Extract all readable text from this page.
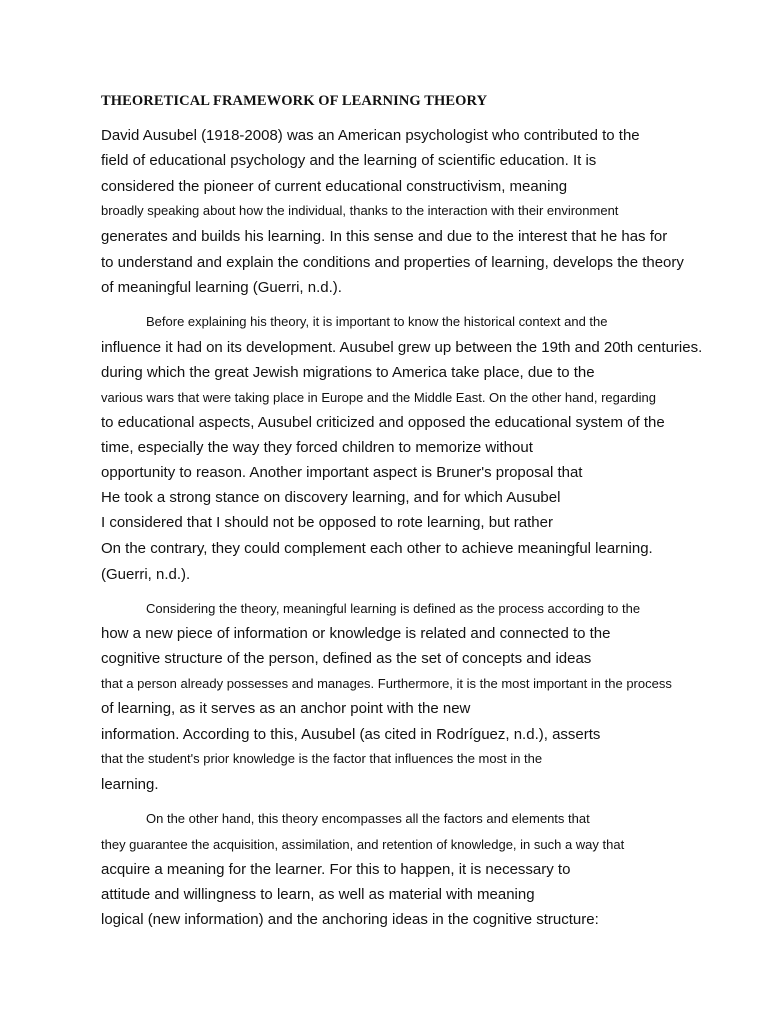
THEORETICAL FRAMEWORK OF LEARNING THEORY
David Ausubel (1918-2008) was an American psychologist who contributed to the
field of educational psychology and the learning of scientific education. It is
considered the pioneer of current educational constructivism, meaning
broadly speaking about how the individual, thanks to the interaction with their environment
generates and builds his learning. In this sense and due to the interest that he has for
to understand and explain the conditions and properties of learning, develops the theory
of meaningful learning (Guerri, n.d.).
Before explaining his theory, it is important to know the historical context and the
influence it had on its development. Ausubel grew up between the 19th and 20th centuries.
during which the great Jewish migrations to America take place, due to the
various wars that were taking place in Europe and the Middle East. On the other hand, regarding
to educational aspects, Ausubel criticized and opposed the educational system of the
time, especially the way they forced children to memorize without
opportunity to reason. Another important aspect is Bruner's proposal that
He took a strong stance on discovery learning, and for which Ausubel
I considered that I should not be opposed to rote learning, but rather
On the contrary, they could complement each other to achieve meaningful learning.
(Guerri, n.d.).
Considering the theory, meaningful learning is defined as the process according to the
how a new piece of information or knowledge is related and connected to the
cognitive structure of the person, defined as the set of concepts and ideas
that a person already possesses and manages. Furthermore, it is the most important in the process
of learning, as it serves as an anchor point with the new
information. According to this, Ausubel (as cited in Rodríguez, n.d.), asserts
that the student's prior knowledge is the factor that influences the most in the
learning.
On the other hand, this theory encompasses all the factors and elements that
they guarantee the acquisition, assimilation, and retention of knowledge, in such a way that
acquire a meaning for the learner. For this to happen, it is necessary to
attitude and willingness to learn, as well as material with meaning
logical (new information) and the anchoring ideas in the cognitive structure:
